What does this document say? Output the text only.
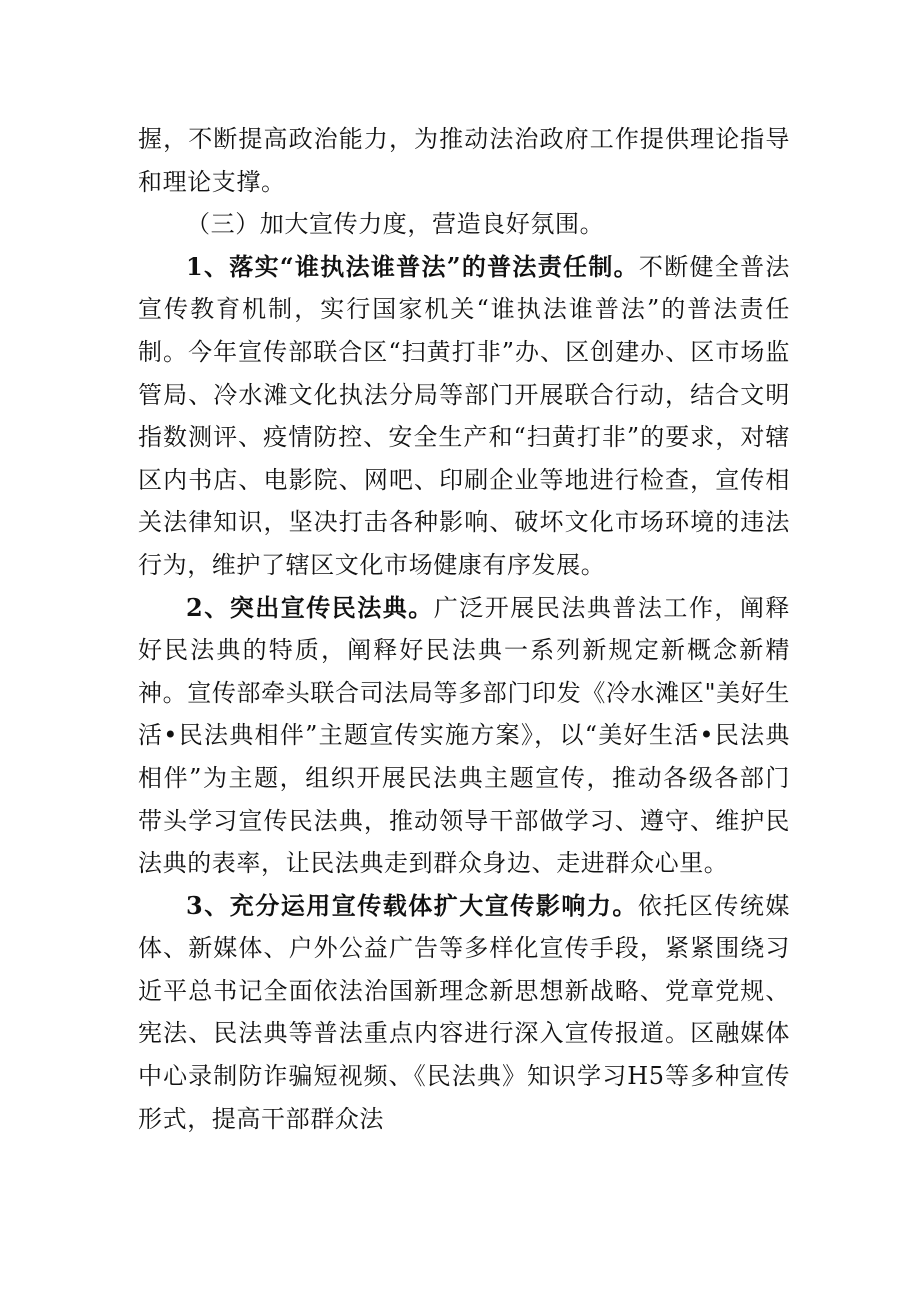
握，不断提高政治能力，为推动法治政府工作提供理论指导和理论支撑。

（三）加大宣传力度，营造良好氛围。

1、落实“谁执法谁普法”的普法责任制。不断健全普法宣传教育机制，实行国家机关“谁执法谁普法”的普法责任制。今年宣传部联合区“扫黄打非”办、区创建办、区市场监管局、冷水滩文化执法分局等部门开展联合行动，结合文明指数测评、疫情防控、安全生产和“扫黄打非”的要求，对辖区内书店、电影院、网吧、印刷企业等地进行检查，宣传相关法律知识，坚决打击各种影响、破坏文化市场环境的违法行为，维护了辖区文化市场健康有序发展。

2、突出宣传民法典。广泛开展民法典普法工作，阐释好民法典的特质，阐释好民法典一系列新规定新概念新精神。宣传部牵头联合司法局等多部门印发《冷水滩区"美好生活•民法典相伴”主题宣传实施方案》，以“美好生活•民法典相伴”为主题，组织开展民法典主题宣传，推动各级各部门带头学习宣传民法典，推动领导干部做学习、遵守、维护民法典的表率，让民法典走到群众身边、走进群众心里。

3、充分运用宣传载体扩大宣传影响力。依托区传统媒体、新媒体、户外公益广告等多样化宣传手段，紧紧围绕习近平总书记全面依法治国新理念新思想新战略、党章党规、宪法、民法典等普法重点内容进行深入宣传报道。区融媒体中心录制防诈骗短视频、《民法典》知识学习H5等多种宣传形式，提高干部群众法
